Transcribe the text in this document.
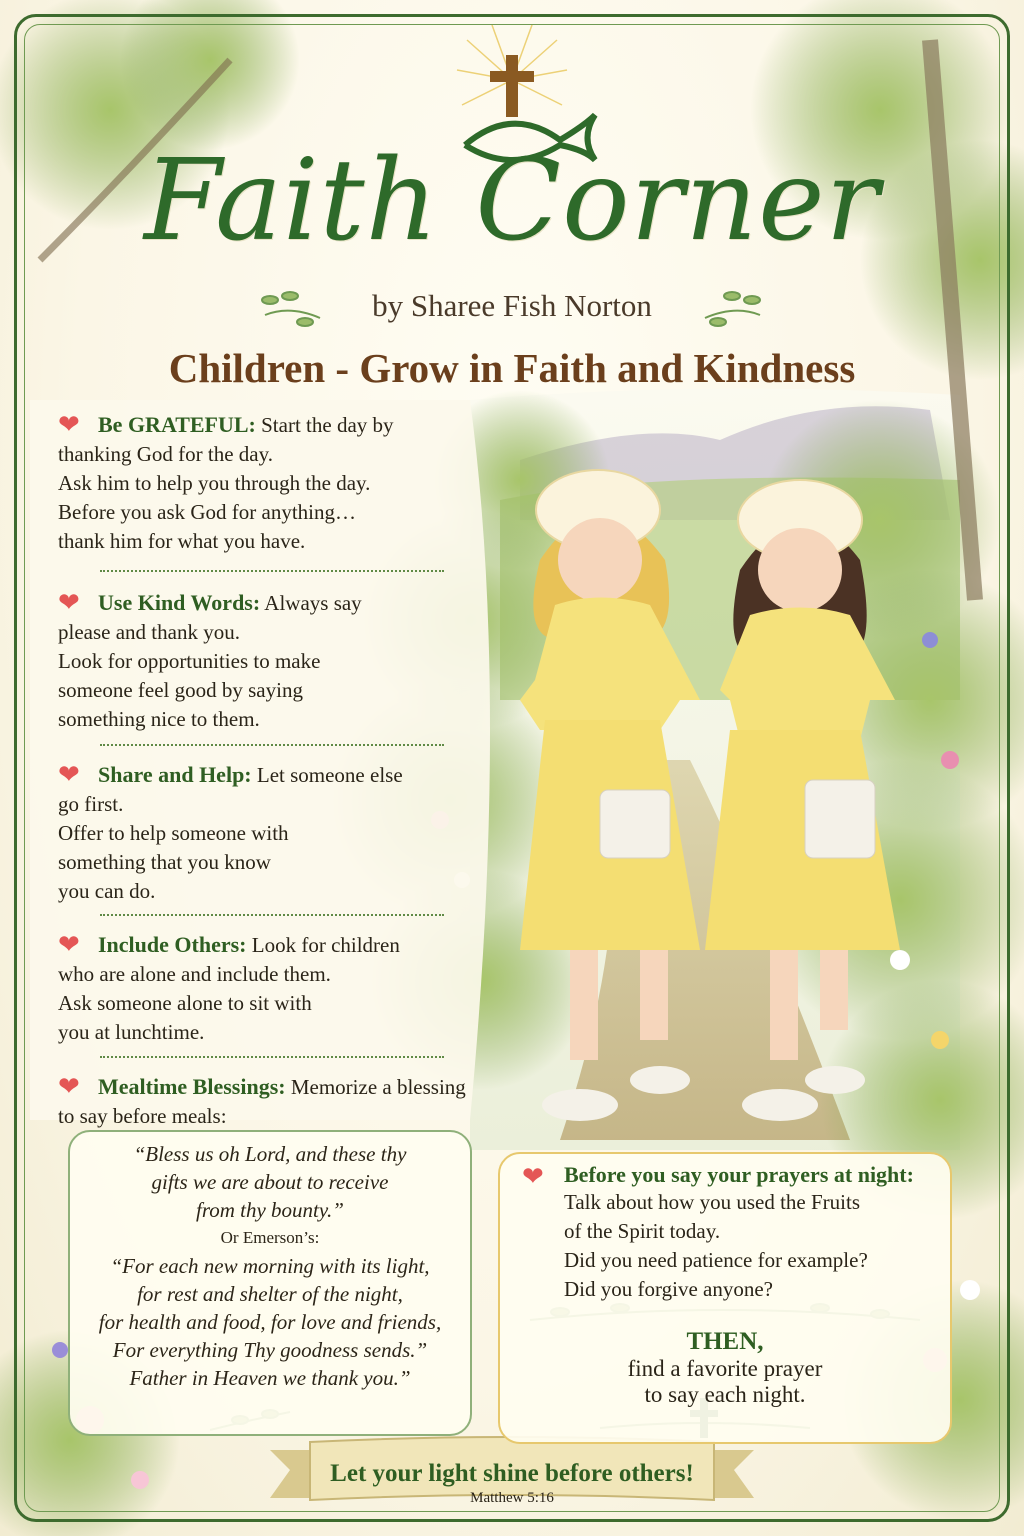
Faith Corner
by Sharee Fish Norton
Children - Grow in Faith and Kindness
❤ Be GRATEFUL: Start the day by
thanking God for the day.
Ask him to help you through the day.
Before you ask God for anything…
thank him for what you have.
❤ Use Kind Words: Always say
please and thank you.
Look for opportunities to make
someone feel good by saying
something nice to them.
❤ Share and Help: Let someone else
go first.
Offer to help someone with
something that you know
you can do.
❤ Include Others: Look for children
who are alone and include them.
Ask someone alone to sit with
you at lunchtime.
❤ Mealtime Blessings: Memorize a blessing
to say before meals:
“Bless us oh Lord, and these thy
gifts we are about to receive
from thy bounty.”
Or Emerson’s:
“For each new morning with its light,
for rest and shelter of the night,
for health and food, for love and friends,
For everything Thy goodness sends.”
Father in Heaven we thank you.”
❤ Before you say your prayers at night:
Talk about how you used the Fruits
of the Spirit today.
Did you need patience for example?
Did you forgive anyone?
THEN,
find a favorite prayer
to say each night.
Let your light shine before others!
Matthew 5:16
